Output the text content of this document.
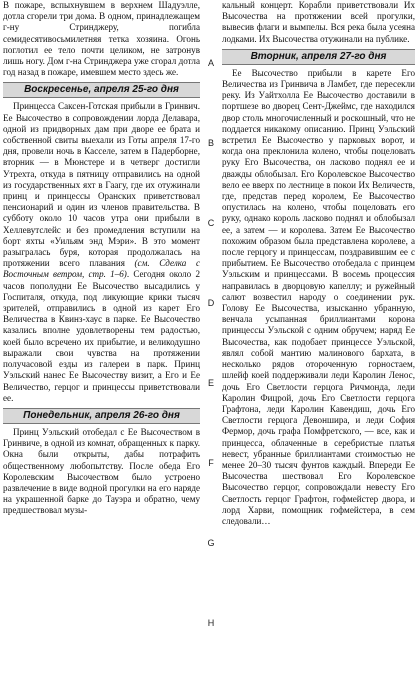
В пожаре, вспыхнувшем в верхнем Шадуэлле, дотла сгорели три дома. В одном, принадлежащем г-ну Стринджеру, погибла семидесятивосьмилетняя тетка хозяина. Огонь поглотил ее тело почти целиком, не затронув лишь ногу. Дом г-на Стринджера уже сгорал дотла год назад в пожаре, имевшем место здесь же.

Воскресенье, апреля 25-го дня

Принцесса Саксен-Готская прибыли в Гринвич. Ее Высочество в сопровождении лорда Делавара, одной из придворных дам при дворе ее брата и собственной свиты выехали из Готы апреля 17-го дня, провели ночь в Касселе, затем в Падерборне, вторник — в Мюнстере и в четверг достигли Утрехта, откуда в пятницу отправились на одной из государственных яхт в Гаагу, где их отужинали принц и принцессы Оранских приветствовал пенсионарий и один из членов правительства. В субботу около 10 часов утра они прибыли в Хеллевутслейс и без промедления вступили на борт яхты «Уильям энд Мэри». В это момент разыгралась буря, которая продолжалась на протяжении всего плавания (см. Сделка с Восточным ветром, стр. 1–6). Сегодня около 2 часов пополудни Ее Высочество высадились у Госпиталя, откуда, под ликующие крики тысяч зрителей, отправились в одной из карет Его Величества в Квинз-хаус в парке. Ее Высочество казались вполне удовлетворены тем радостью, коей было всречено их прибытие, и великодушно выражали свои чувства на протяжении получасовой езды из галереи в парк. Принц Уэльский нанес Ее Высочеству визит, а Его и Ее Величество, герцог и принцессы приветствовали ее.

Понедельник, апреля 26-го дня

Принц Уэльский отобедал с Ее Высочеством в Гринвиче, в одной из комнат, обращенных к парку. Окна были открыты, дабы потрафить общественному любопытству. После обеда Его Королевским Высочеством было устроено развлечение в виде водной прогулки на его наряде на украшенной барке до Тауэра и обратно, чему предшествовал музы-

A
B
C
D
E
F
G
H

кальный концерт. Корабли приветствовали Их Высочества на протяжении всей прогулки, вывесив флаги и вымпелы. Вся река была усеяна лодками. Их Высочества отужинали на публике.

Вторник, апреля 27-го дня

Ее Высочество прибыли в карете Его Величества из Гринвича в Ламбет, где пересекли реку. Из Уайтхолла Ее Высочество доставили в портшезе во дворец Сент-Джеймс, где находился двор столь многочисленный и роскошный, что не поддается никакому описанию. Принц Уэльский встретил Ее Высочество у парковых ворот, и когда она преклонила колено, чтобы поцеловать руку Его Высочества, он ласково поднял ее и дважды облобызал. Его Королевское Высочество вело ее вверх по лестнице в покои Их Величеств, где, представ перед королем, Ее Высочество опустилась на колено, чтобы поцеловать его руку, однако король ласково поднял и облобызал ее, а затем — и королева. Затем Ее Высочество похожим образом была представлена королеве, а после герцогу и принцессам, поздравившим ее с прибытием. Ее Высочество отобедала с принцем Уэльским и принцессами. В восемь процессия направилась в дворцовую капеллу; и ружейный салют возвестил народу о соединении рук. Голову Ее Высочества, изысканно убранную, венчала усыпанная бриллиантами корона принцессы Уэльской с одним обручем; наряд Ее Высочества, как подобает принцессе Уэльской, являл собой мантию малинового бархата, в несколько рядов отороченную горностаем, шлейф коей поддерживали леди Каролин Ленос, дочь Его Светлости герцога Ричмонда, леди Каролин Фицрой, дочь Его Светлости герцога Графтона, леди Каролин Кавендиш, дочь Его Светлости герцога Девоншира, и леди София Фермор, дочь графа Помфретского, — все, как и принцесса, облаченные в серебристые платья невест, убранные бриллиантами стоимостью не менее 20–30 тысяч фунтов каждый. Впереди Ее Высочества шествовал Его Королевское Высочество герцог, сопровождали невесту Его Светлость герцог Графтон, гофмейстер двора, и лорд Харви, помощник гофмейстера, в сем следовали…
